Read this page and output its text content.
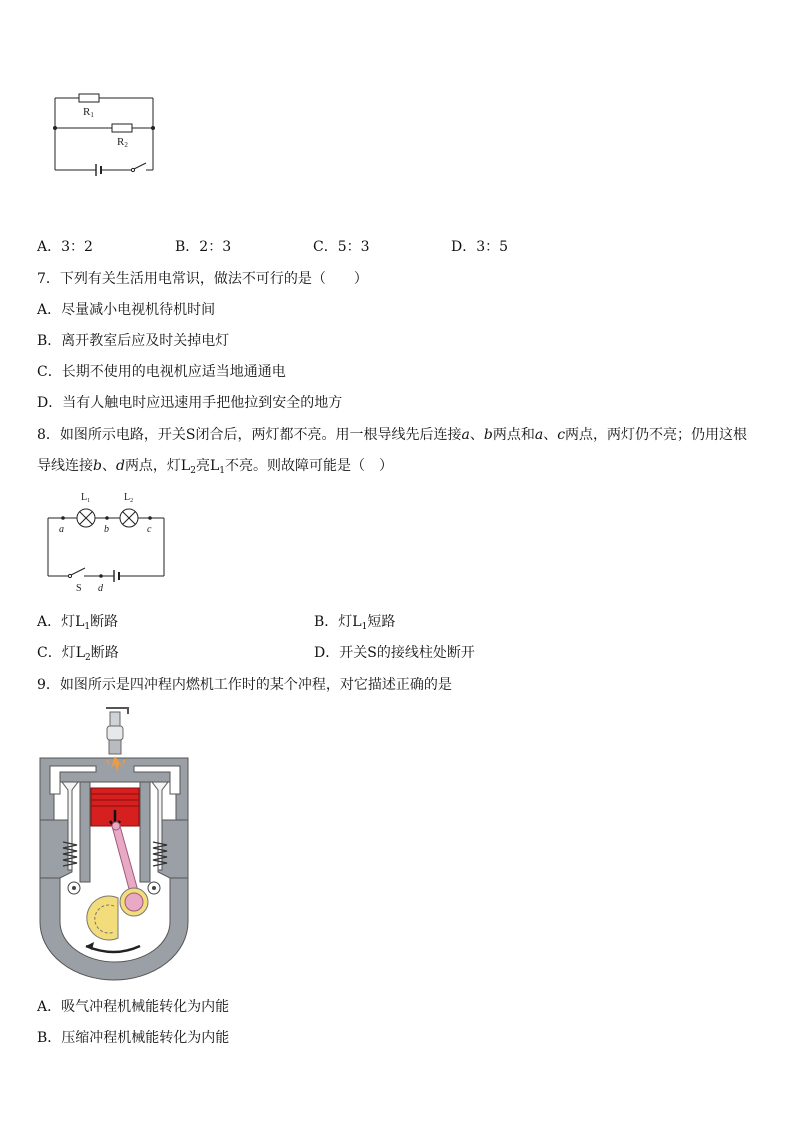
R1
R2
A．3：2	B．2：3	C．5：3	D．3：5
7．下列有关生活用电常识，做法不可行的是（　　）
A．尽量减小电视机待机时间
B．离开教室后应及时关掉电灯
C．长期不使用的电视机应适当地通通电
D．当有人触电时应迅速用手把他拉到安全的地方
8．如图所示电路，开关S闭合后，两灯都不亮。用一根导线先后连接a、b两点和a、c两点，两灯仍不亮；仍用这根
导线连接b、d两点，灯$L_2$亮$L_1$不亮。则故障可能是（　）
$L_1$	$L_2$
a	b	c
S d
A．灯$L_1$断路	B．灯$L_1$短路
C．灯$L_2$断路	D．开关S的接线柱处断开
9．如图所示是四冲程内燃机工作时的某个冲程，对它描述正确的是
A．吸气冲程机械能转化为内能
B．压缩冲程机械能转化为内能
